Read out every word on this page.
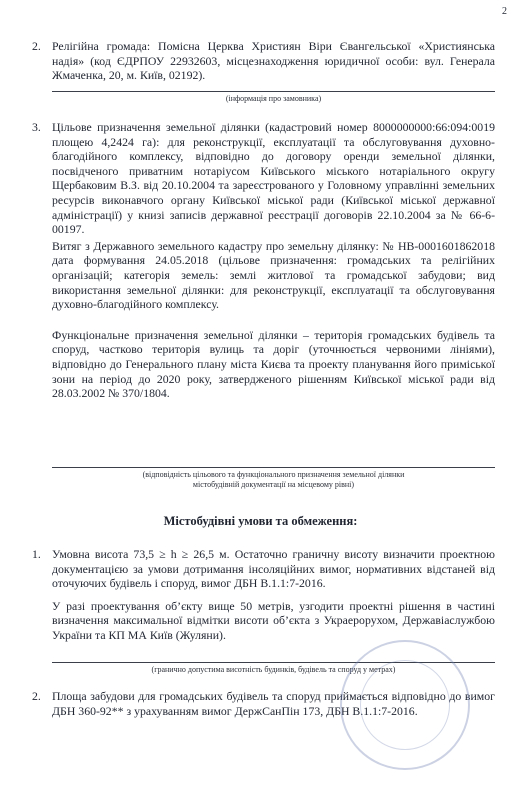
2
2. Релігійна громада: Помісна Церква Християн Віри Євангельської «Християнська надія» (код ЄДРПОУ 22932603, місцезнаходження юридичної особи: вул. Генерала Жмаченка, 20, м. Київ, 02192).

(інформація про замовника)
3. Цільове призначення земельної ділянки (кадастровий номер 8000000000:66:094:0019 площею 4,2424 га): для реконструкції, експлуатації та обслуговування духовно-благодійного комплексу, відповідно до договору оренди земельної ділянки, посвідченого приватним нотаріусом Київського міського нотаріального округу Щербаковим В.З. від 20.10.2004 та зареєстрованого у Головному управлінні земельних ресурсів виконавчого органу Київської міської ради (Київської міської державної адміністрації) у книзі записів державної реєстрації договорів 22.10.2004 за № 66-6-00197.

Витяг з Державного земельного кадастру про земельну ділянку: № НВ-0001601862018 дата формування 24.05.2018 (цільове призначення: громадських та релігійних організацій; категорія земель: землі житлової та громадської забудови; вид використання земельної ділянки: для реконструкції, експлуатації та обслуговування духовно-благодійного комплексу.

Функціональне призначення земельної ділянки – територія громадських будівель та споруд, частково територія вулиць та доріг (уточнюється червоними лініями), відповідно до Генерального плану міста Києва та проекту планування його приміської зони на період до 2020 року, затвердженого рішенням Київської міської ради від 28.03.2002 № 370/1804.

(відповідність цільового та функціонального призначення земельної ділянки
містобудівній документації на місцевому рівні)
Містобудівні умови та обмеження:
1. Умовна висота 73,5 ≥ h ≥ 26,5 м. Остаточно граничну висоту визначити проектною документацією за умови дотримання інсоляційних вимог, нормативних відстаней від оточуючих будівель і споруд, вимог ДБН В.1.1:7-2016.

У разі проектування об’єкту вище 50 метрів, узгодити проектні рішення в частині визначення максимальної відмітки висоти об’єкта з Украерорухом, Державіаслужбою України та КП МА Київ (Жуляни).

(гранично допустима висотність будинків, будівель та споруд у метрах)
2. Площа забудови для громадських будівель та споруд приймається відповідно до вимог ДБН 360-92** з урахуванням вимог ДержСанПін 173, ДБН В.1.1:7-2016.
